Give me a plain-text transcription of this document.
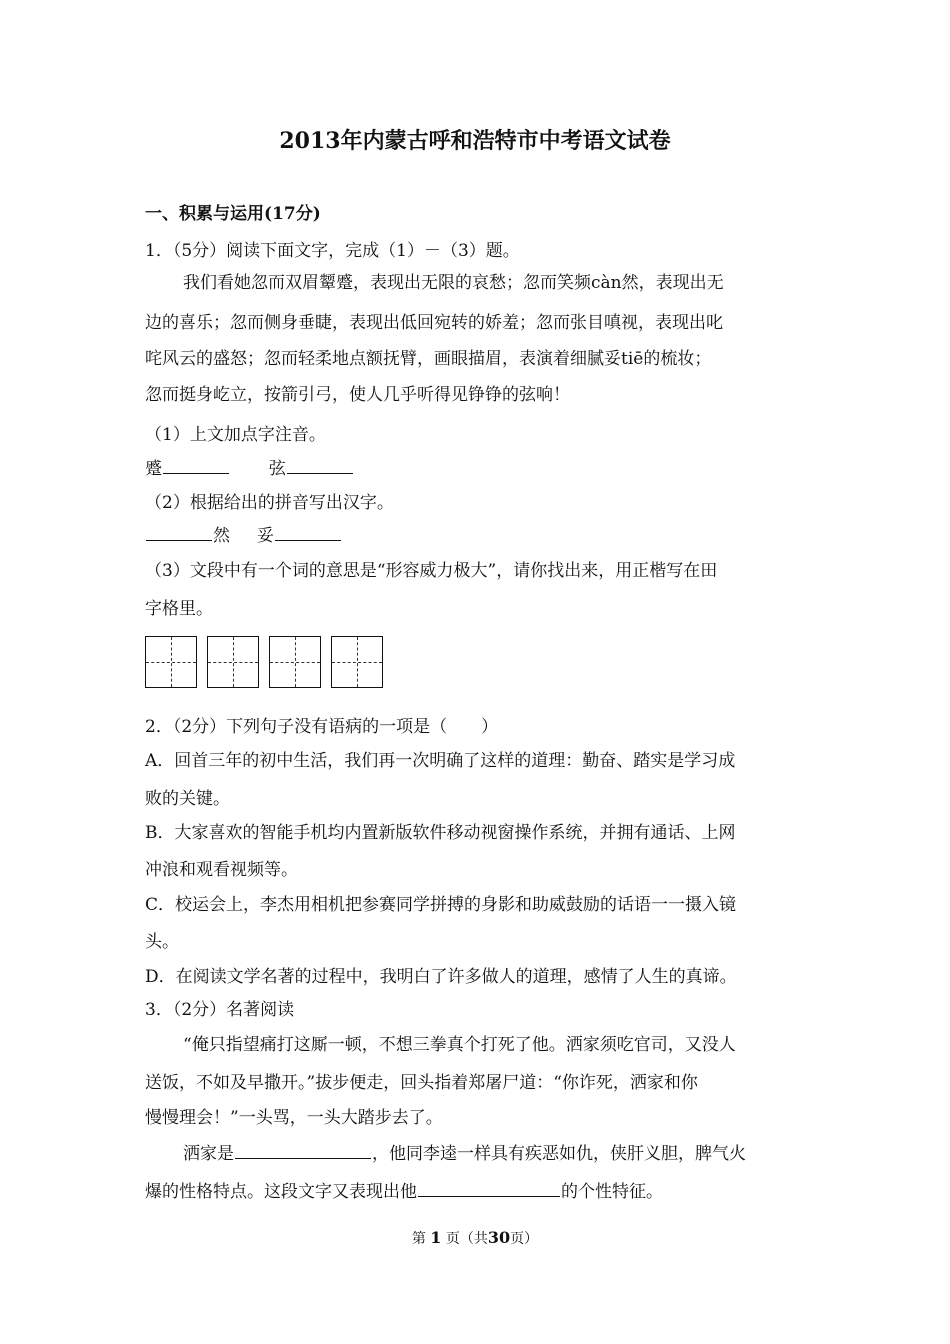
2013年内蒙古呼和浩特市中考语文试卷
一、积累与运用(17分)
1．（5分）阅读下面文字，完成（1）－（3）题。
我们看她忽而双眉颦蹙，表现出无限的哀愁；忽而笑频càn然，表现出无
边的喜乐；忽而侧身垂睫，表现出低回宛转的娇羞；忽而张目嗔视，表现出叱
咤风云的盛怒；忽而轻柔地点额抚臂，画眼描眉，表演着细腻妥tiē的梳妆；
忽而挺身屹立，按箭引弓，使人几乎听得见铮铮的弦响！
（1）上文加点字注音。
蹙	弦
（2）根据给出的拼音写出汉字。
然 妥
（3）文段中有一个词的意思是“形容威力极大”，请你找出来，用正楷写在田
字格里。
2．（2分）下列句子没有语病的一项是（　　）
A．回首三年的初中生活，我们再一次明确了这样的道理：勤奋、踏实是学习成
败的关键。
B．大家喜欢的智能手机均内置新版软件移动视窗操作系统，并拥有通话、上网
冲浪和观看视频等。
C．校运会上，李杰用相机把参赛同学拼搏的身影和助威鼓励的话语一一摄入镜
头。
D．在阅读文学名著的过程中，我明白了许多做人的道理，感情了人生的真谛。
3．（2分）名著阅读
“俺只指望痛打这厮一顿，不想三拳真个打死了他。洒家须吃官司，又没人
送饭，不如及早撒开。”拔步便走，回头指着郑屠尸道：“你诈死，洒家和你
慢慢理会！”一头骂，一头大踏步去了。
洒家是	，他同李逵一样具有疾恶如仇，侠肝义胆，脾气火
爆的性格特点。这段文字又表现出他	的个性特征。
第 1 页（共30页）
